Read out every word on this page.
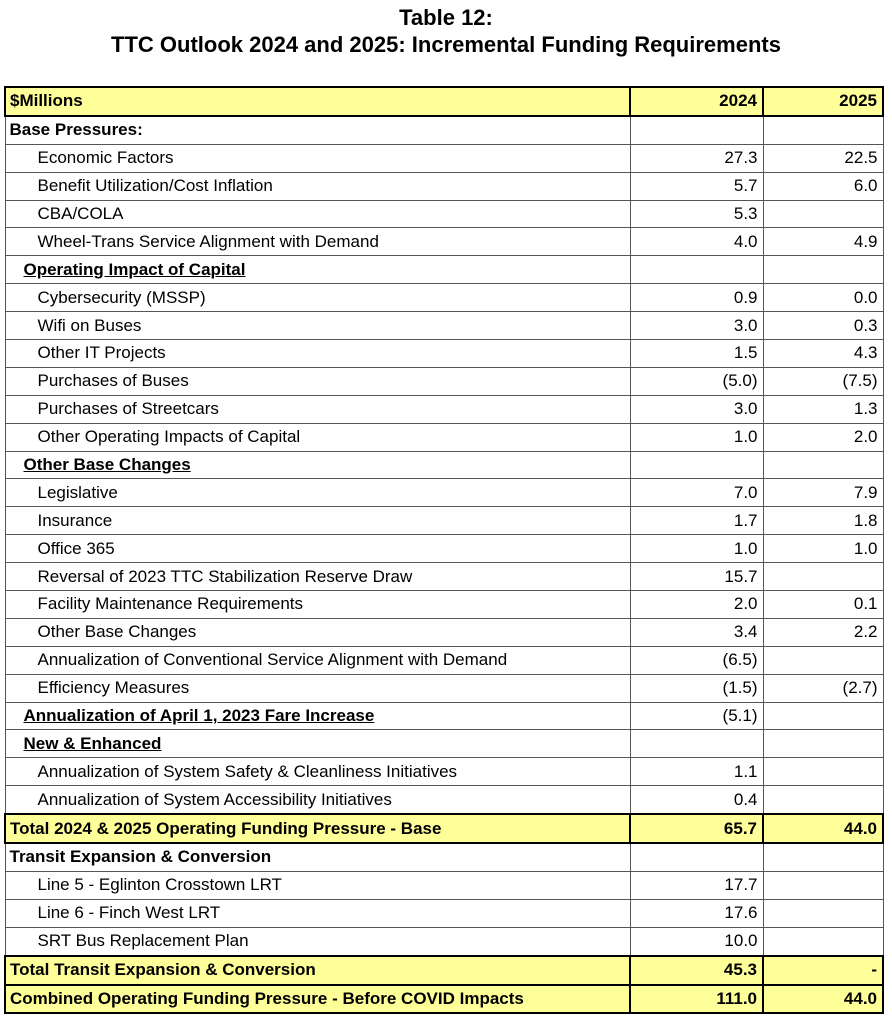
Table 12:
TTC Outlook 2024 and 2025: Incremental Funding Requirements
$Millions	2024	2025
Base Pressures:		
Economic Factors	27.3	22.5
Benefit Utilization/Cost Inflation	5.7	6.0
CBA/COLA	5.3	
Wheel-Trans Service Alignment with Demand	4.0	4.9
Operating Impact of Capital		
Cybersecurity (MSSP)	0.9	0.0
Wifi on Buses	3.0	0.3
Other IT Projects	1.5	4.3
Purchases of Buses	(5.0)	(7.5)
Purchases of Streetcars	3.0	1.3
Other Operating Impacts of Capital	1.0	2.0
Other Base Changes		
Legislative	7.0	7.9
Insurance	1.7	1.8
Office 365	1.0	1.0
Reversal of 2023 TTC Stabilization Reserve Draw	15.7	
Facility Maintenance Requirements	2.0	0.1
Other Base Changes	3.4	2.2
Annualization of Conventional Service Alignment with Demand	(6.5)	
Efficiency Measures	(1.5)	(2.7)
Annualization of April 1, 2023 Fare Increase	(5.1)	
New & Enhanced		
Annualization of System Safety & Cleanliness Initiatives	1.1	
Annualization of System Accessibility Initiatives	0.4	
Total 2024 & 2025 Operating Funding Pressure - Base	65.7	44.0
Transit Expansion & Conversion		
Line 5 - Eglinton Crosstown LRT	17.7	
Line 6 - Finch West LRT	17.6	
SRT Bus Replacement Plan	10.0	
Total Transit Expansion & Conversion	45.3	-
Combined Operating Funding Pressure - Before COVID Impacts	111.0	44.0
